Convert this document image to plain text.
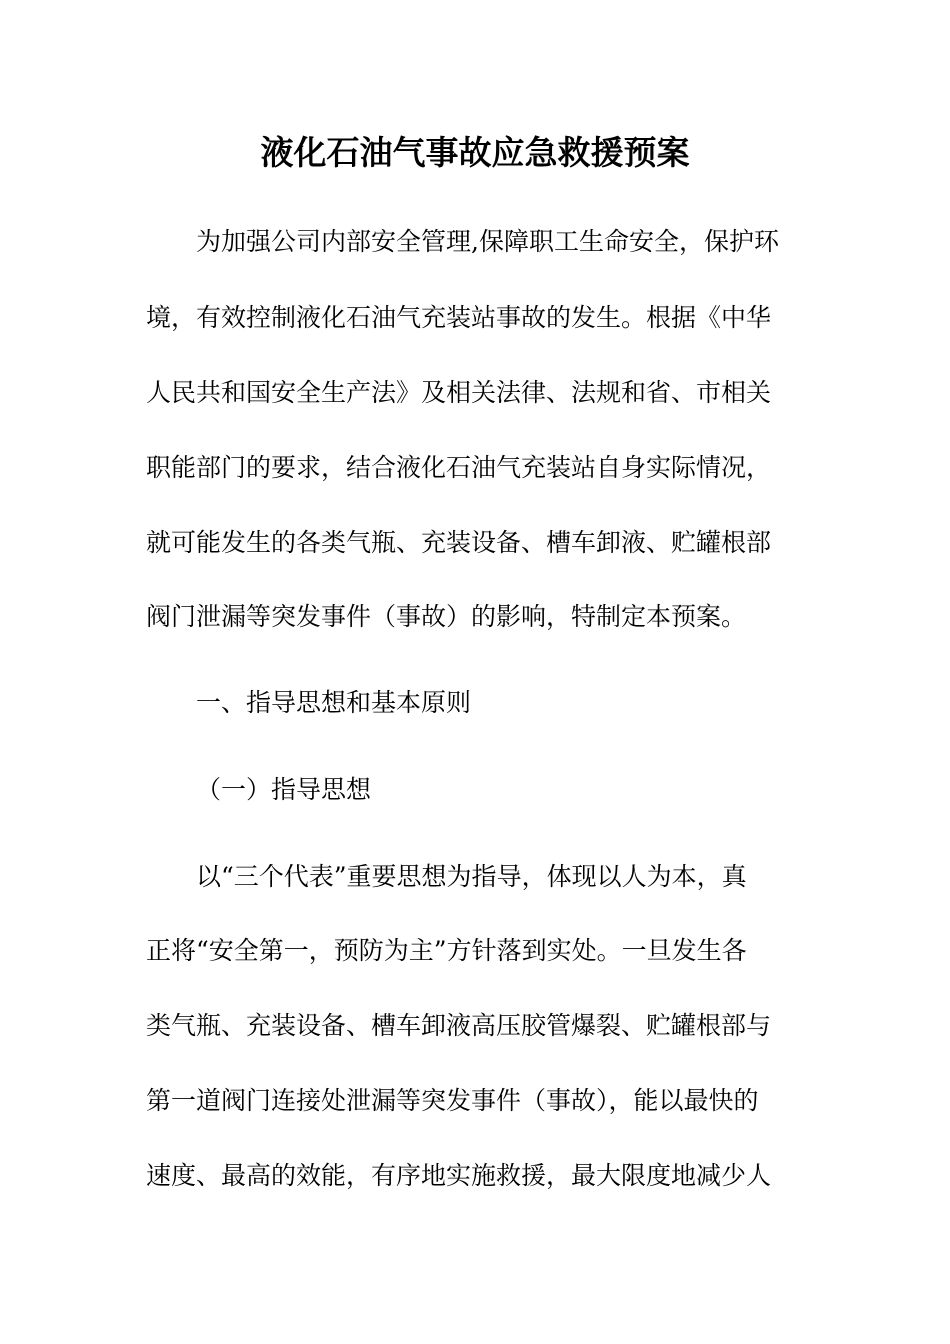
液化石油气事故应急救援预案
为加强公司内部安全管理,保障职工生命安全，保护环
境，有效控制液化石油气充装站事故的发生。根据《中华
人民共和国安全生产法》及相关法律、法规和省、市相关
职能部门的要求，结合液化石油气充装站自身实际情况，
就可能发生的各类气瓶、充装设备、槽车卸液、贮罐根部
阀门泄漏等突发事件（事故）的影响，特制定本预案。
一、指导思想和基本原则
（一）指导思想
以“三个代表”重要思想为指导，体现以人为本，真
正将“安全第一，预防为主”方针落到实处。一旦发生各
类气瓶、充装设备、槽车卸液高压胶管爆裂、贮罐根部与
第一道阀门连接处泄漏等突发事件（事故），能以最快的
速度、最高的效能，有序地实施救援，最大限度地减少人
